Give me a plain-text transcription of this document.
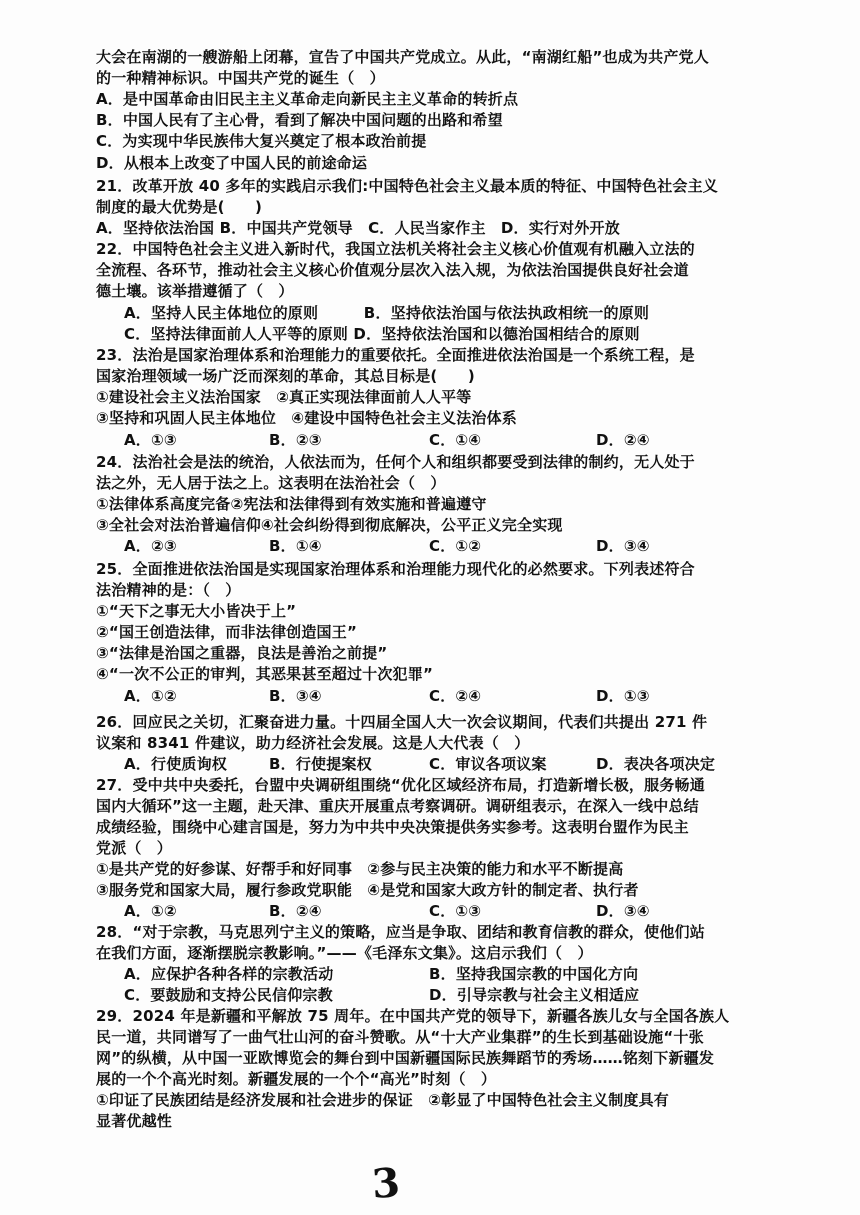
大会在南湖的一艘游船上闭幕，宣告了中国共产党成立。从此，“南湖红船”也成为共产党人
的一种精神标识。中国共产党的诞生（　）
A．是中国革命由旧民主主义革命走向新民主主义革命的转折点
B．中国人民有了主心骨，看到了解决中国问题的出路和希望
C．为实现中华民族伟大复兴奠定了根本政治前提
D．从根本上改变了中国人民的前途命运
21．改革开放 40 多年的实践启示我们:中国特色社会主义最本质的特征、中国特色社会主义
制度的最大优势是(　　)
A．坚持依法治国 B．中国共产党领导　C．人民当家作主　D．实行对外开放
22．中国特色社会主义进入新时代，我国立法机关将社会主义核心价值观有机融入立法的
全流程、各环节，推动社会主义核心价值观分层次入法入规，为依法治国提供良好社会道
德土壤。该举措遵循了（　）
A．坚持人民主体地位的原则　　　B．坚持依法治国与依法执政相统一的原则
C．坚持法律面前人人平等的原则 D．坚持依法治国和以德治国相结合的原则
23．法治是国家治理体系和治理能力的重要依托。全面推进依法治国是一个系统工程，是
国家治理领域一场广泛而深刻的革命，其总目标是(　　)
①建设社会主义法治国家　②真正实现法律面前人人平等
③坚持和巩固人民主体地位　④建设中国特色社会主义法治体系
A．①③	B．②③	C．①④	D．②④
24．法治社会是法的统治，人依法而为，任何个人和组织都要受到法律的制约，无人处于
法之外，无人居于法之上。这表明在法治社会（　）
①法律体系高度完备②宪法和法律得到有效实施和普遍遵守
③全社会对法治普遍信仰④社会纠纷得到彻底解决，公平正义完全实现
A．②③	B．①④	C．①②	D．③④
25．全面推进依法治国是实现国家治理体系和治理能力现代化的必然要求。下列表述符合
法治精神的是：（　）
①“天下之事无大小皆决于上”
②“国王创造法律，而非法律创造国王”
③“法律是治国之重器，良法是善治之前提”
④“一次不公正的审判，其恶果甚至超过十次犯罪”
A．①②	B．③④	C．②④	D．①③
26．回应民之关切，汇聚奋进力量。十四届全国人大一次会议期间，代表们共提出 271 件
议案和 8341 件建议，助力经济社会发展。这是人大代表（　）
A．行使质询权	B．行使提案权	C．审议各项议案	D．表决各项决定
27．受中共中央委托，台盟中央调研组围绕“优化区域经济布局，打造新增长极，服务畅通
国内大循环”这一主题，赴天津、重庆开展重点考察调研。调研组表示，在深入一线中总结
成绩经验，围绕中心建言国是，努力为中共中央决策提供务实参考。这表明台盟作为民主
党派（　）
①是共产党的好参谋、好帮手和好同事　②参与民主决策的能力和水平不断提高
③服务党和国家大局，履行参政党职能　④是党和国家大政方针的制定者、执行者
A．①②	B．②④	C．①③	D．③④
28．“对于宗教，马克思列宁主义的策略，应当是争取、团结和教育信教的群众，使他们站
在我们方面，逐渐摆脱宗教影响。”——《毛泽东文集》。这启示我们（　）
A．应保护各种各样的宗教活动	B．坚持我国宗教的中国化方向
C．要鼓励和支持公民信仰宗教	D．引导宗教与社会主义相适应
29．2024 年是新疆和平解放 75 周年。在中国共产党的领导下，新疆各族儿女与全国各族人
民一道，共同谱写了一曲气壮山河的奋斗赞歌。从“十大产业集群”的生长到基础设施“十张
网”的纵横，从中国一亚欧博览会的舞台到中国新疆国际民族舞蹈节的秀场……铭刻下新疆发
展的一个个高光时刻。新疆发展的一个个“高光”时刻（　）
①印证了民族团结是经济发展和社会进步的保证　②彰显了中国特色社会主义制度具有
显著优越性
3
